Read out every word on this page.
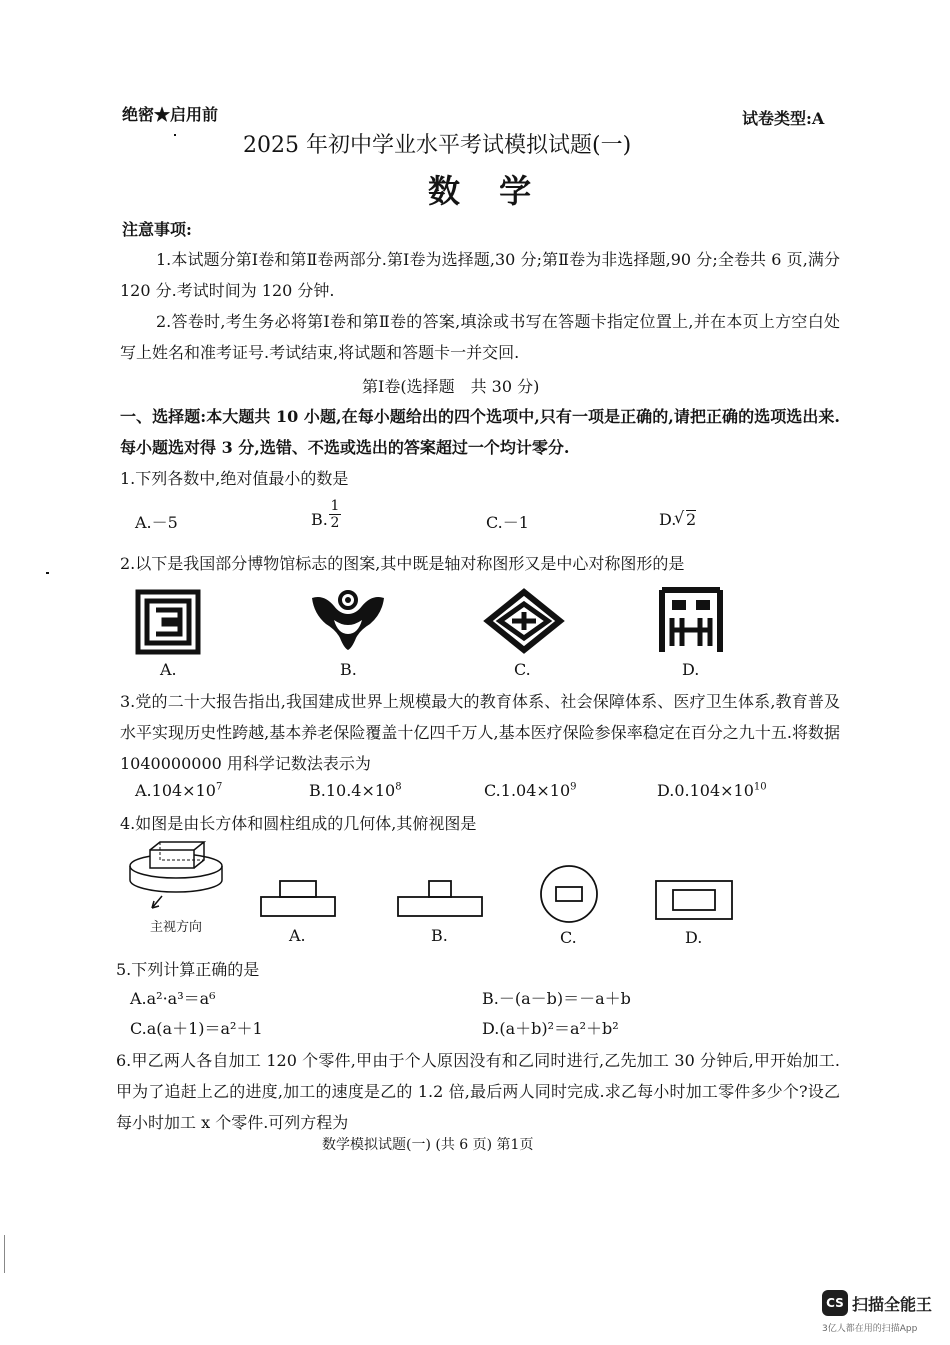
绝密★启用前	试卷类型:A
2025 年初中学业水平考试模拟试题(一)
数 学
注意事项:
1.本试题分第Ⅰ卷和第Ⅱ卷两部分.第Ⅰ卷为选择题,30 分;第Ⅱ卷为非选择题,90 分;全卷共 6 页,满分 120 分.考试时间为 120 分钟.
2.答卷时,考生务必将第Ⅰ卷和第Ⅱ卷的答案,填涂或书写在答题卡指定位置上,并在本页上方空白处写上姓名和准考证号.考试结束,将试题和答题卡一并交回.
第Ⅰ卷(选择题　共 30 分)
一、选择题:本大题共 10 小题,在每小题给出的四个选项中,只有一项是正确的,请把正确的选项选出来.每小题选对得 3 分,选错、不选或选出的答案超过一个均计零分.
1.下列各数中,绝对值最小的数是
A.－5	B.
1
2	C.－1	D.
√ 2
2.以下是我国部分博物馆标志的图案,其中既是轴对称图形又是中心对称图形的是
A.	B.	C.	D.
3.党的二十大报告指出,我国建成世界上规模最大的教育体系、社会保障体系、医疗卫生体系,教育普及水平实现历史性跨越,基本养老保险覆盖十亿四千万人,基本医疗保险参保率稳定在百分之九十五.将数据 1040000000 用科学记数法表示为
$A.104\times 10^7$	$B.10.4\times 10^8$	$C.1.04\times 10^9$	$D.0.104\times 10^{10}$
4.如图是由长方体和圆柱组成的几何体,其俯视图是
主视方向	A.	B.	C.	D.
5.下列计算正确的是
A.a²·a³＝a⁶	B.－(a－b)＝－a＋b
C.a(a＋1)＝a²＋1	D.(a＋b)²＝a²＋b²
6.甲乙两人各自加工 120 个零件,甲由于个人原因没有和乙同时进行,乙先加工 30 分钟后,甲开始加工.甲为了追赶上乙的进度,加工的速度是乙的 1.2 倍,最后两人同时完成.求乙每小时加工零件多少个?设乙每小时加工 x 个零件.可列方程为
数学模拟试题(一) (共 6 页) 第1页
CS 扫描全能王
3亿人都在用的扫描App
